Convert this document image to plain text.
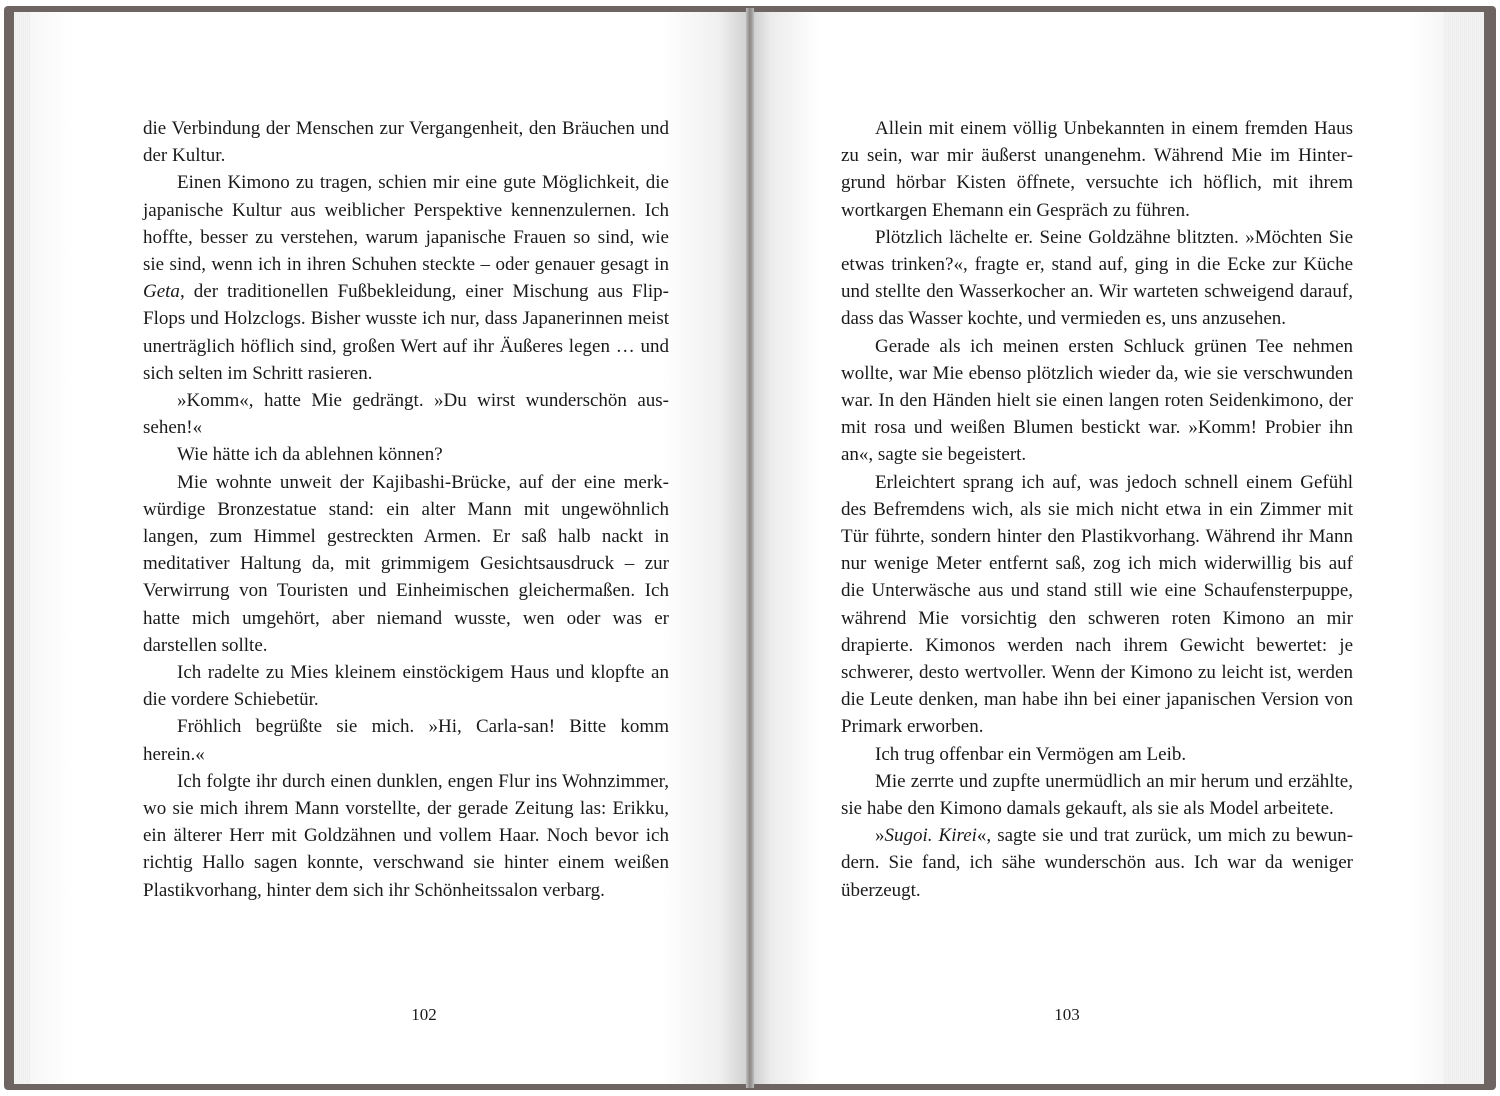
die Verbindung der Menschen zur Vergangenheit, den Bräuchen und der Kultur.

Einen Kimono zu tragen, schien mir eine gute Möglichkeit, die japanische Kultur aus weiblicher Perspektive kennenzulernen. Ich hoffte, besser zu verstehen, warum japanische Frauen so sind, wie sie sind, wenn ich in ihren Schuhen steckte – oder genauer gesagt in Geta, der traditionellen Fußbekleidung, einer Mischung aus Flip-Flops und Holzclogs. Bisher wusste ich nur, dass Japanerinnen meist unerträglich höflich sind, großen Wert auf ihr Äußeres legen … und sich selten im Schritt rasieren.

»Komm«, hatte Mie gedrängt. »Du wirst wunderschön aussehen!«

Wie hätte ich da ablehnen können?

Mie wohnte unweit der Kajibashi-Brücke, auf der eine merkwürdige Bronzestatue stand: ein alter Mann mit ungewöhnlich langen, zum Himmel gestreckten Armen. Er saß halb nackt in meditativer Haltung da, mit grimmigem Gesichtsausdruck – zur Verwirrung von Touristen und Einheimischen gleichermaßen. Ich hatte mich umgehört, aber niemand wusste, wen oder was er darstellen sollte.

Ich radelte zu Mies kleinem einstöckigem Haus und klopfte an die vordere Schiebetür.

Fröhlich begrüßte sie mich. »Hi, Carla-san! Bitte komm herein.«

Ich folgte ihr durch einen dunklen, engen Flur ins Wohnzimmer, wo sie mich ihrem Mann vorstellte, der gerade Zeitung las: Erikku, ein älterer Herr mit Goldzähnen und vollem Haar. Noch bevor ich richtig Hallo sagen konnte, verschwand sie hinter einem weißen Plastikvorhang, hinter dem sich ihr Schönheitssalon verbarg.

102

Allein mit einem völlig Unbekannten in einem fremden Haus zu sein, war mir äußerst unangenehm. Während Mie im Hintergrund hörbar Kisten öffnete, versuchte ich höflich, mit ihrem wortkargen Ehemann ein Gespräch zu führen.

Plötzlich lächelte er. Seine Goldzähne blitzten. »Möchten Sie etwas trinken?«, fragte er, stand auf, ging in die Ecke zur Küche und stellte den Wasserkocher an. Wir warteten schweigend darauf, dass das Wasser kochte, und vermieden es, uns anzusehen.

Gerade als ich meinen ersten Schluck grünen Tee nehmen wollte, war Mie ebenso plötzlich wieder da, wie sie verschwunden war. In den Händen hielt sie einen langen roten Seidenkimono, der mit rosa und weißen Blumen bestickt war. »Komm! Probier ihn an«, sagte sie begeistert.

Erleichtert sprang ich auf, was jedoch schnell einem Gefühl des Befremdens wich, als sie mich nicht etwa in ein Zimmer mit Tür führte, sondern hinter den Plastikvorhang. Während ihr Mann nur wenige Meter entfernt saß, zog ich mich widerwillig bis auf die Unterwäsche aus und stand still wie eine Schaufensterpuppe, während Mie vorsichtig den schweren roten Kimono an mir drapierte. Kimonos werden nach ihrem Gewicht bewertet: je schwerer, desto wertvoller. Wenn der Kimono zu leicht ist, werden die Leute denken, man habe ihn bei einer japanischen Version von Primark erworben.

Ich trug offenbar ein Vermögen am Leib.

Mie zerrte und zupfte unermüdlich an mir herum und erzählte, sie habe den Kimono damals gekauft, als sie als Model arbeitete.

»Sugoi. Kirei«, sagte sie und trat zurück, um mich zu bewundern. Sie fand, ich sähe wunderschön aus. Ich war da weniger überzeugt.

103
